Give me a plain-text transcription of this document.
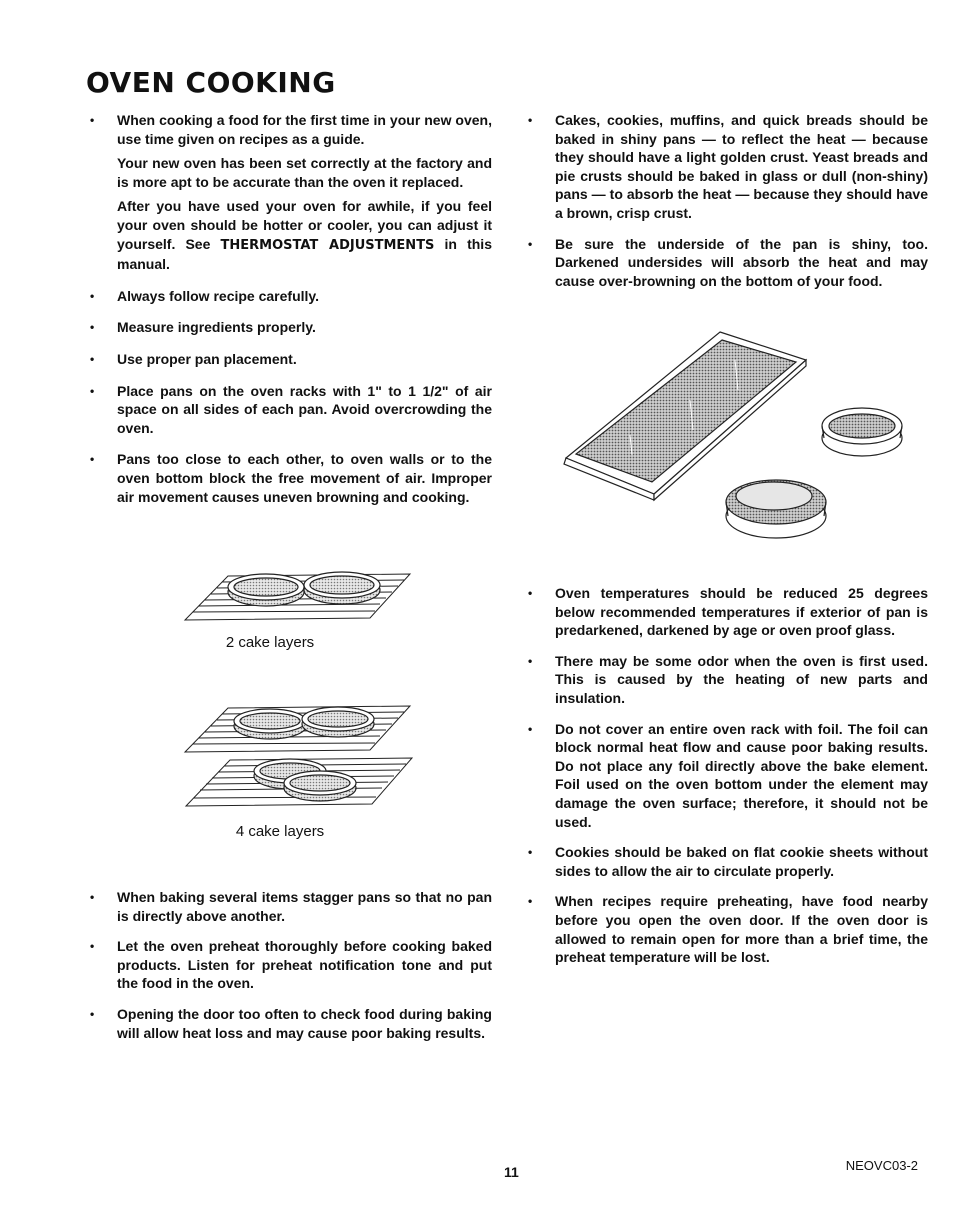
OVEN COOKING
• When cooking a food for the first time in your new oven, use time given on recipes as a guide.

Your new oven has been set correctly at the factory and is more apt to be accurate than the oven it replaced.

After you have used your oven for awhile, if you feel your oven should be hotter or cooler, you can adjust it yourself. See THERMOSTAT ADJUSTMENTS in this manual.

• Always follow recipe carefully.

• Measure ingredients properly.

• Use proper pan placement.

• Place pans on the oven racks with 1" to 1 1/2" of air space on all sides of each pan. Avoid overcrowding the oven.

• Pans too close to each other, to oven walls or to the oven bottom block the free movement of air. Improper air movement causes uneven browning and cooking.

2 cake layers
4 cake layers
• When baking several items stagger pans so that no pan is directly above another.

• Let the oven preheat thoroughly before cooking baked products. Listen for preheat notification tone and put the food in the oven.

• Opening the door too often to check food during baking will allow heat loss and may cause poor baking results.

• Cakes, cookies, muffins, and quick breads should be baked in shiny pans — to reflect the heat — because they should have a light golden crust. Yeast breads and pie crusts should be baked in glass or dull (non-shiny) pans — to absorb the heat — because they should have a brown, crisp crust.

• Be sure the underside of the pan is shiny, too. Darkened undersides will absorb the heat and may cause over-browning on the bottom of your food.

• Oven temperatures should be reduced 25 degrees below recommended temperatures if exterior of pan is predarkened, darkened by age or oven proof glass.

• There may be some odor when the oven is first used. This is caused by the heating of new parts and insulation.

• Do not cover an entire oven rack with foil. The foil can block normal heat flow and cause poor baking results. Do not place any foil directly above the bake element. Foil used on the oven bottom under the element may damage the oven surface; therefore, it should not be used.

• Cookies should be baked on flat cookie sheets without sides to allow the air to circulate properly.

• When recipes require preheating, have food nearby before you open the oven door. If the oven door is allowed to remain open for more than a brief time, the preheat temperature will be lost.

11	NEOVC03-2
